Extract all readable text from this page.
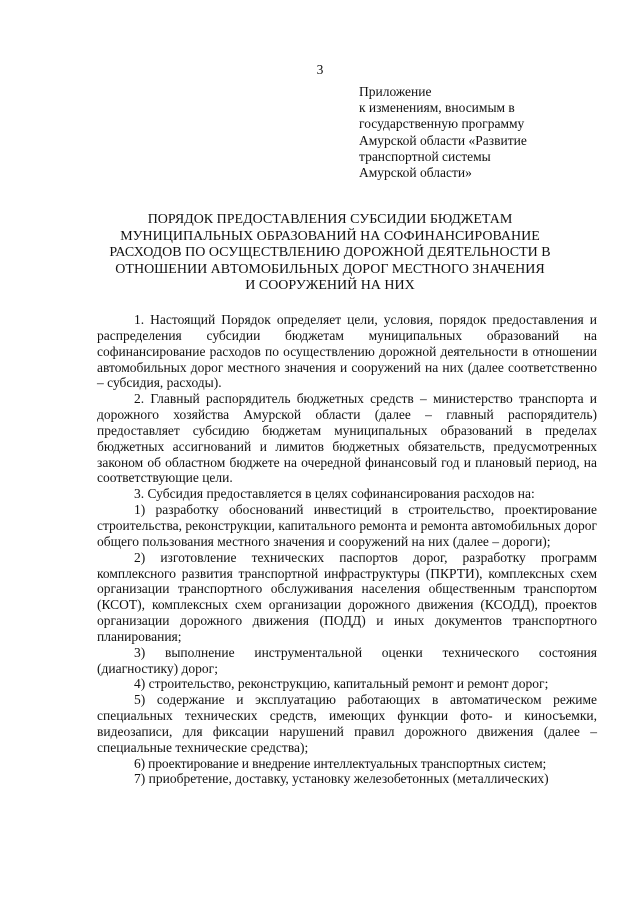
3
Приложение
к изменениям, вносимым в
государственную программу
Амурской области «Развитие
транспортной системы
Амурской области»
ПОРЯДОК ПРЕДОСТАВЛЕНИЯ СУБСИДИИ БЮДЖЕТАМ
МУНИЦИПАЛЬНЫХ ОБРАЗОВАНИЙ НА СОФИНАНСИРОВАНИЕ
РАСХОДОВ ПО ОСУЩЕСТВЛЕНИЮ ДОРОЖНОЙ ДЕЯТЕЛЬНОСТИ В
ОТНОШЕНИИ АВТОМОБИЛЬНЫХ ДОРОГ МЕСТНОГО ЗНАЧЕНИЯ
И СООРУЖЕНИЙ НА НИХ

1. Настоящий Порядок определяет цели, условия, порядок предоставления и распределения субсидии бюджетам муниципальных образований на софинансирование расходов по осуществлению дорожной деятельности в отношении автомобильных дорог местного значения и сооружений на них (далее соответственно – субсидия, расходы).

2. Главный распорядитель бюджетных средств – министерство транспорта и дорожного хозяйства Амурской области (далее – главный распорядитель) предоставляет субсидию бюджетам муниципальных образований в пределах бюджетных ассигнований и лимитов бюджетных обязательств, предусмотренных законом об областном бюджете на очередной финансовый год и плановый период, на соответствующие цели.

3. Субсидия предоставляется в целях софинансирования расходов на:

1) разработку обоснований инвестиций в строительство, проектирование строительства, реконструкции, капитального ремонта и ремонта автомобильных дорог общего пользования местного значения и сооружений на них (далее – дороги);

2) изготовление технических паспортов дорог, разработку программ комплексного развития транспортной инфраструктуры (ПКРТИ), комплексных схем организации транспортного обслуживания населения общественным транспортом (КСОТ), комплексных схем организации дорожного движения (КСОДД), проектов организации дорожного движения (ПОДД) и иных документов транспортного планирования;

3) выполнение инструментальной оценки технического состояния (диагностику) дорог;

4) строительство, реконструкцию, капитальный ремонт и ремонт дорог;

5) содержание и эксплуатацию работающих в автоматическом режиме специальных технических средств, имеющих функции фото- и киносъемки, видеозаписи, для фиксации нарушений правил дорожного движения (далее – специальные технические средства);

6) проектирование и внедрение интеллектуальных транспортных систем;

7) приобретение, доставку, установку железобетонных (металлических)
